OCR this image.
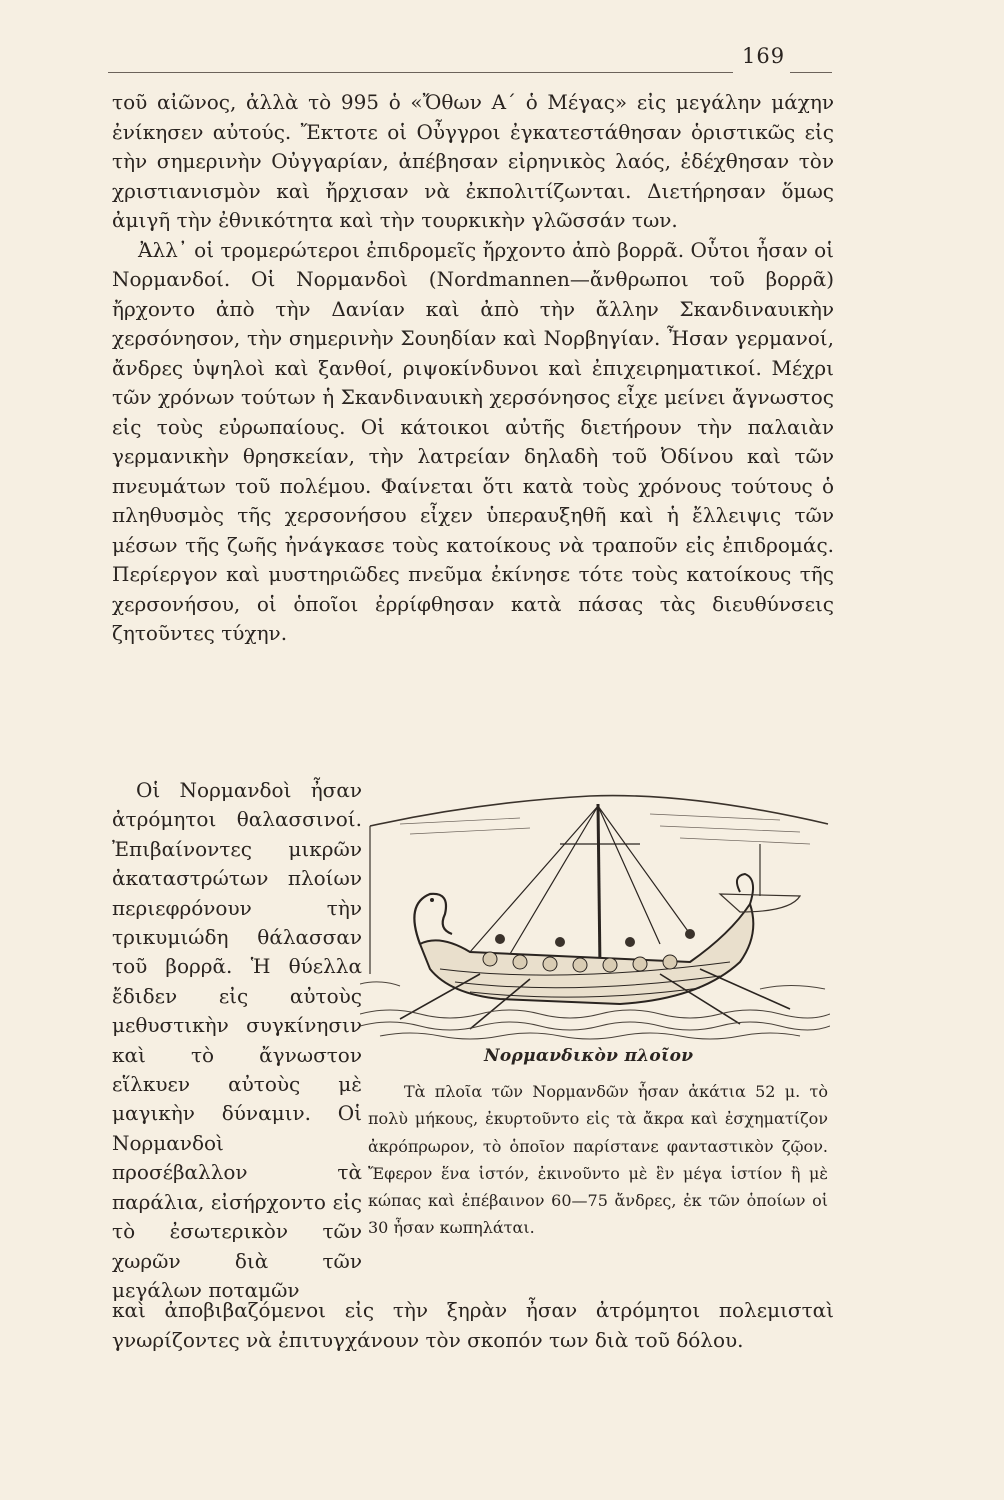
169

τοῦ αἰῶνος, ἀλλὰ τὸ 995 ὁ «Ὄθων Α´ ὁ Μέγας» εἰς μεγάλην μάχην ἐνίκησεν αὐτούς. Ἔκτοτε οἱ Οὖγγροι ἐγκατεστάθησαν ὁριστικῶς εἰς τὴν σημερινὴν Οὐγγαρίαν, ἀπέβησαν εἰρηνικὸς λαός, ἐδέχθησαν τὸν χριστιανισμὸν καὶ ἤρχισαν νὰ ἐκπολιτίζωνται. Διετήρησαν ὅμως ἀμιγῆ τὴν ἐθνικότητα καὶ τὴν τουρκικὴν γλῶσσάν των.

Ἀλλ᾽ οἱ τρομερώτεροι ἐπιδρομεῖς ἤρχοντο ἀπὸ βορρᾶ. Οὗτοι ἦσαν οἱ Νορμανδοί. Οἱ Νορμανδοὶ (Nordmannen—ἄνθρωποι τοῦ βορρᾶ) ἤρχοντο ἀπὸ τὴν Δανίαν καὶ ἀπὸ τὴν ἄλλην Σκανδιναυικὴν χερσόνησον, τὴν σημερινὴν Σουηδίαν καὶ Νορβηγίαν. Ἦσαν γερμανοί, ἄνδρες ὑψηλοὶ καὶ ξανθοί, ριψοκίνδυνοι καὶ ἐπιχειρηματικοί. Μέχρι τῶν χρόνων τούτων ἡ Σκανδιναυικὴ χερσόνησος εἶχε μείνει ἄγνωστος εἰς τοὺς εὐρωπαίους. Οἱ κάτοικοι αὐτῆς διετήρουν τὴν παλαιὰν γερμανικὴν θρησκείαν, τὴν λατρείαν δηλαδὴ τοῦ Ὀδίνου καὶ τῶν πνευμάτων τοῦ πολέμου. Φαίνεται ὅτι κατὰ τοὺς χρόνους τούτους ὁ πληθυσμὸς τῆς χερσονήσου εἶχεν ὑπεραυξηθῆ καὶ ἡ ἔλλειψις τῶν μέσων τῆς ζωῆς ἠνάγκασε τοὺς κατοίκους νὰ τραποῦν εἰς ἐπιδρομάς. Περίεργον καὶ μυστηριῶδες πνεῦμα ἐκίνησε τότε τοὺς κατοίκους τῆς χερσονήσου, οἱ ὁποῖοι ἐρρίφθησαν κατὰ πάσας τὰς διευθύνσεις ζητοῦντες τύχην.

Οἱ Νορμανδοὶ ἦσαν ἀτρόμητοι θαλασσινοί. Ἐπιβαίνοντες μικρῶν ἀκαταστρώτων πλοίων περιεφρόνουν τὴν τρικυμιώδη θάλασσαν τοῦ βορρᾶ. Ἡ θύελλα ἔδιδεν εἰς αὐτοὺς μεθυστικὴν συγκίνησιν καὶ τὸ ἄγνωστον εἵλκυεν αὐτοὺς μὲ μαγικὴν δύναμιν. Οἱ Νορμανδοὶ προσέβαλλον τὰ παράλια, εἰσήρχοντο εἰς τὸ ἐσωτερικὸν τῶν χωρῶν διὰ τῶν μεγάλων ποταμῶν

Νορμανδικὸν πλοῖον

Τὰ πλοῖα τῶν Νορμανδῶν ἦσαν ἀκάτια 52 μ. τὸ πολὺ μήκους, ἐκυρτοῦντο εἰς τὰ ἄκρα καὶ ἐσχηματίζον ἀκρόπρωρον, τὸ ὁποῖον παρίστανε φανταστικὸν ζῷον. Ἔφερον ἕνα ἱστόν, ἐκινοῦντο μὲ ἓν μέγα ἱστίον ἢ μὲ κώπας καὶ ἐπέβαινον 60—75 ἄνδρες, ἐκ τῶν ὁποίων οἱ 30 ἦσαν κωπηλάται.

καὶ ἀποβιβαζόμενοι εἰς τὴν ξηρὰν ἦσαν ἀτρόμητοι πολεμισταὶ γνωρίζοντες νὰ ἐπιτυγχάνουν τὸν σκοπόν των διὰ τοῦ δόλου.
